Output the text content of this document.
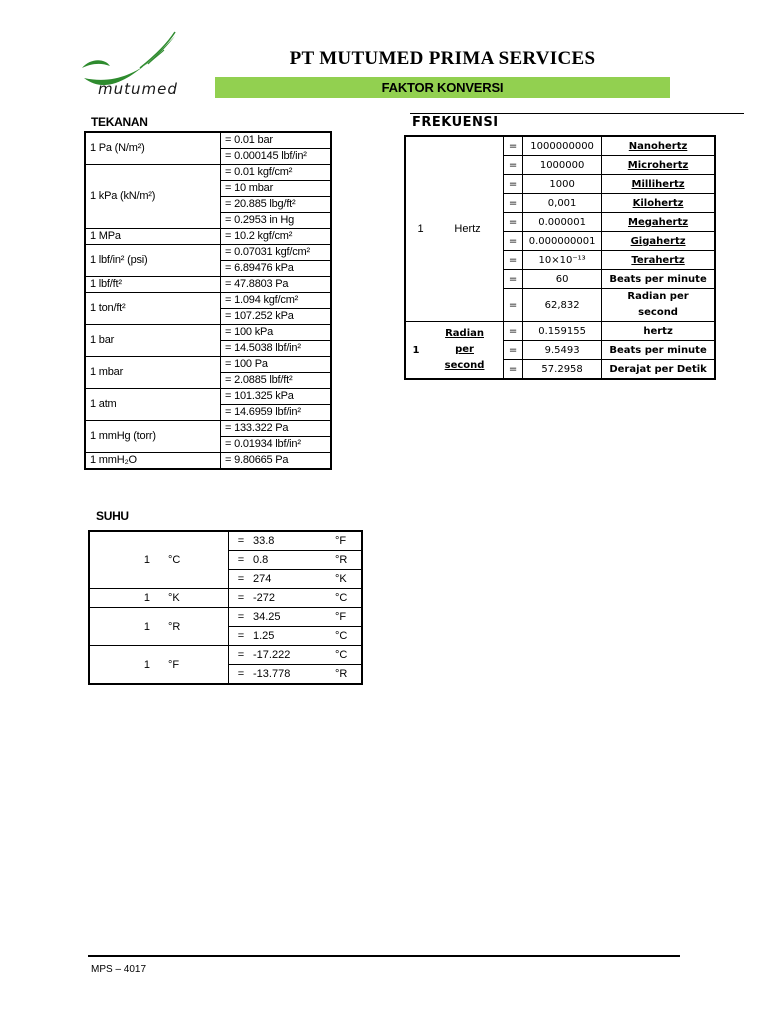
mutumed
PT MUTUMED PRIMA SERVICES
FAKTOR KONVERSI
TEKANAN	FREKUENSI
SUHU
1 Pa (N/m²)	= 0.01 bar
	= 0.000145 lbf/in²
1 kPa (kN/m²)	= 0.01 kgf/cm²
	= 10 mbar
	= 20.885 lbg/ft²
	= 0.2953 in Hg
1 MPa	= 10.2 kgf/cm²
1 lbf/in² (psi)	= 0.07031 kgf/cm²
	= 6.89476 kPa
1 lbf/ft²	= 47.8803 Pa
1 ton/ft²	= 1.094 kgf/cm²
	= 107.252 kPa
1 bar	= 100 kPa
	= 14.5038 lbf/in²
1 mbar	= 100 Pa
	= 2.0885 lbf/ft²
1 atm	= 101.325 kPa
	= 14.6959 lbf/in²
1 mmHg (torr)	= 133.322 Pa
	= 0.01934 lbf/in²
1 mmH₂O	= 9.80665 Pa
1	°C	=	33.8	°F
		=	0.8	°R
		=	274	°K
1	°K	=	-272	°C
1	°R	=	34.25	°F
		=	1.25	°C
1	°F	=	-17.222	°C
		=	-13.778	°R
1 Hertz		=	1000000000	Nanohertz
		=	1000000	Microhertz
		=	1000	Millihertz
		=	0,001	Kilohertz
		=	0.000001	Megahertz
		=	0.000000001	Gigahertz
		=	10×10⁻¹³	Terahertz
		=	60	Beats per minute
		=	62,832	Radian per second
1	Radian per second	=	0.159155	hertz
		=	9.5493	Beats per minute
		=	57.2958	Derajat per Detik
MPS – 4017
